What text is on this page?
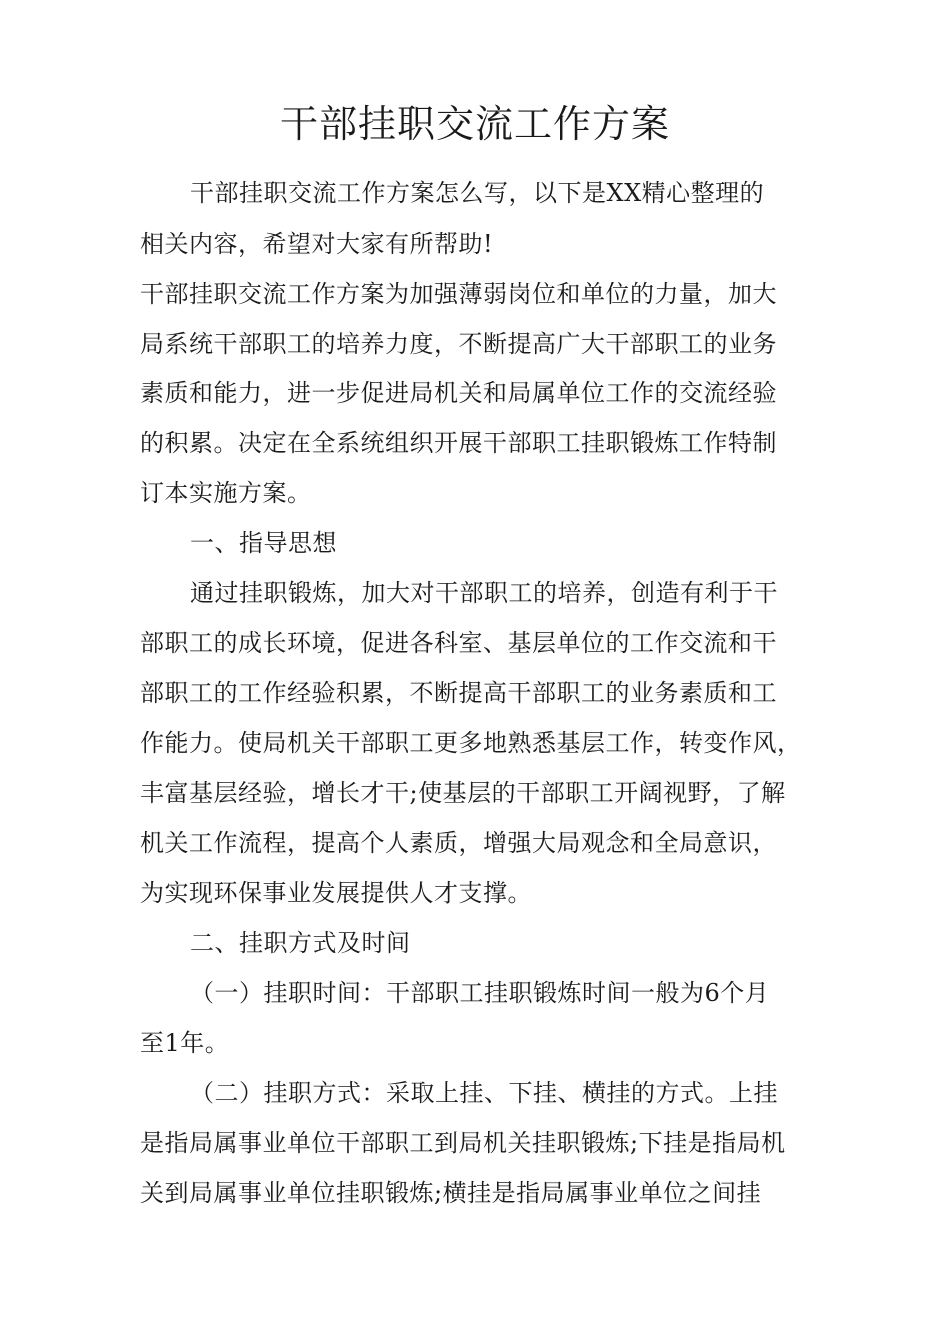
干部挂职交流工作方案
干部挂职交流工作方案怎么写，以下是XX精心整理的
相关内容，希望对大家有所帮助!
干部挂职交流工作方案为加强薄弱岗位和单位的力量，加大
局系统干部职工的培养力度，不断提高广大干部职工的业务
素质和能力，进一步促进局机关和局属单位工作的交流经验
的积累。决定在全系统组织开展干部职工挂职锻炼工作特制
订本实施方案。
一、指导思想
通过挂职锻炼，加大对干部职工的培养，创造有利于干
部职工的成长环境，促进各科室、基层单位的工作交流和干
部职工的工作经验积累，不断提高干部职工的业务素质和工
作能力。使局机关干部职工更多地熟悉基层工作，转变作风，
丰富基层经验，增长才干;使基层的干部职工开阔视野，了解
机关工作流程，提高个人素质，增强大局观念和全局意识，
为实现环保事业发展提供人才支撑。
二、挂职方式及时间
（一）挂职时间：干部职工挂职锻炼时间一般为6个月
至1年。
（二）挂职方式：采取上挂、下挂、横挂的方式。上挂
是指局属事业单位干部职工到局机关挂职锻炼;下挂是指局机
关到局属事业单位挂职锻炼;横挂是指局属事业单位之间挂
